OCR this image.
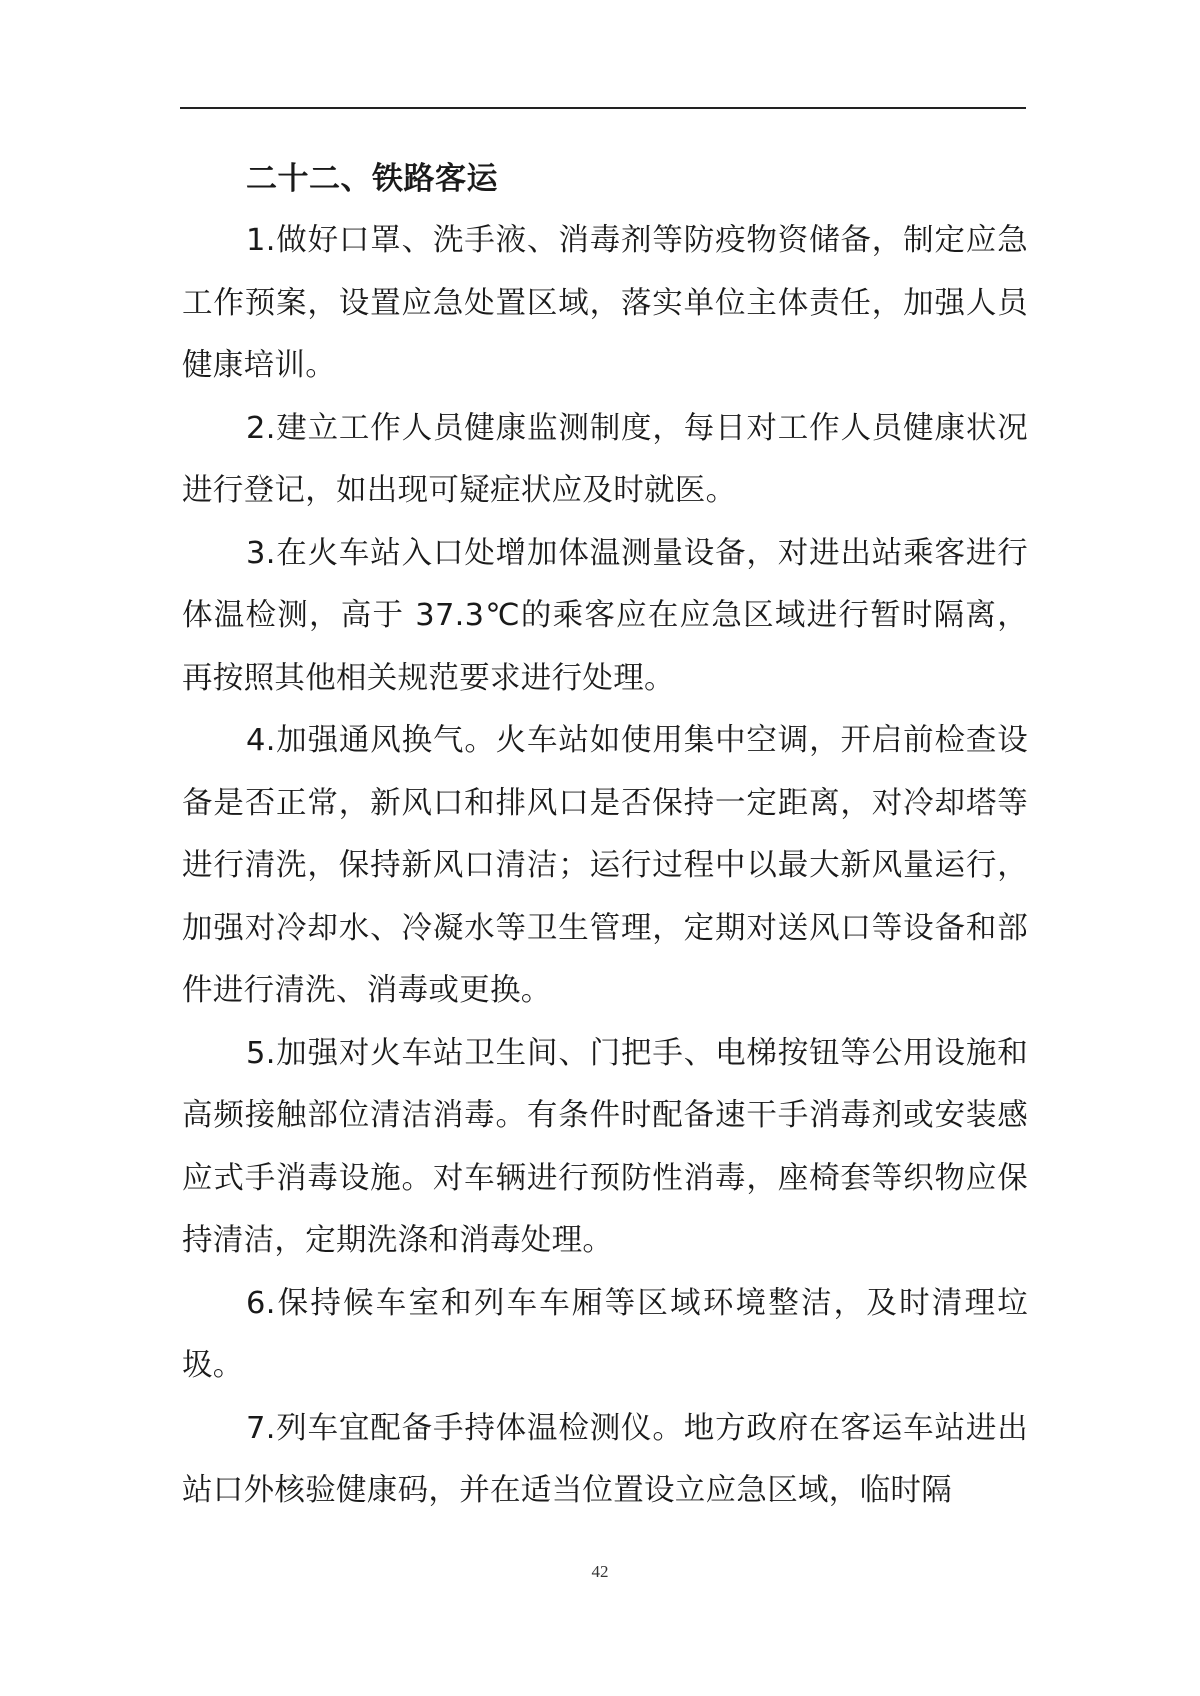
二十二、铁路客运

1.做好口罩、洗手液、消毒剂等防疫物资储备，制定应急工作预案，设置应急处置区域，落实单位主体责任，加强人员健康培训。

2.建立工作人员健康监测制度，每日对工作人员健康状况进行登记，如出现可疑症状应及时就医。

3.在火车站入口处增加体温测量设备，对进出站乘客进行体温检测，高于 37.3℃的乘客应在应急区域进行暂时隔离，再按照其他相关规范要求进行处理。

4.加强通风换气。火车站如使用集中空调，开启前检查设备是否正常，新风口和排风口是否保持一定距离，对冷却塔等进行清洗，保持新风口清洁；运行过程中以最大新风量运行，加强对冷却水、冷凝水等卫生管理，定期对送风口等设备和部件进行清洗、消毒或更换。

5.加强对火车站卫生间、门把手、电梯按钮等公用设施和高频接触部位清洁消毒。有条件时配备速干手消毒剂或安装感应式手消毒设施。对车辆进行预防性消毒，座椅套等织物应保持清洁，定期洗涤和消毒处理。

6.保持候车室和列车车厢等区域环境整洁，及时清理垃圾。

7.列车宜配备手持体温检测仪。地方政府在客运车站进出站口外核验健康码，并在适当位置设立应急区域，临时隔

42
